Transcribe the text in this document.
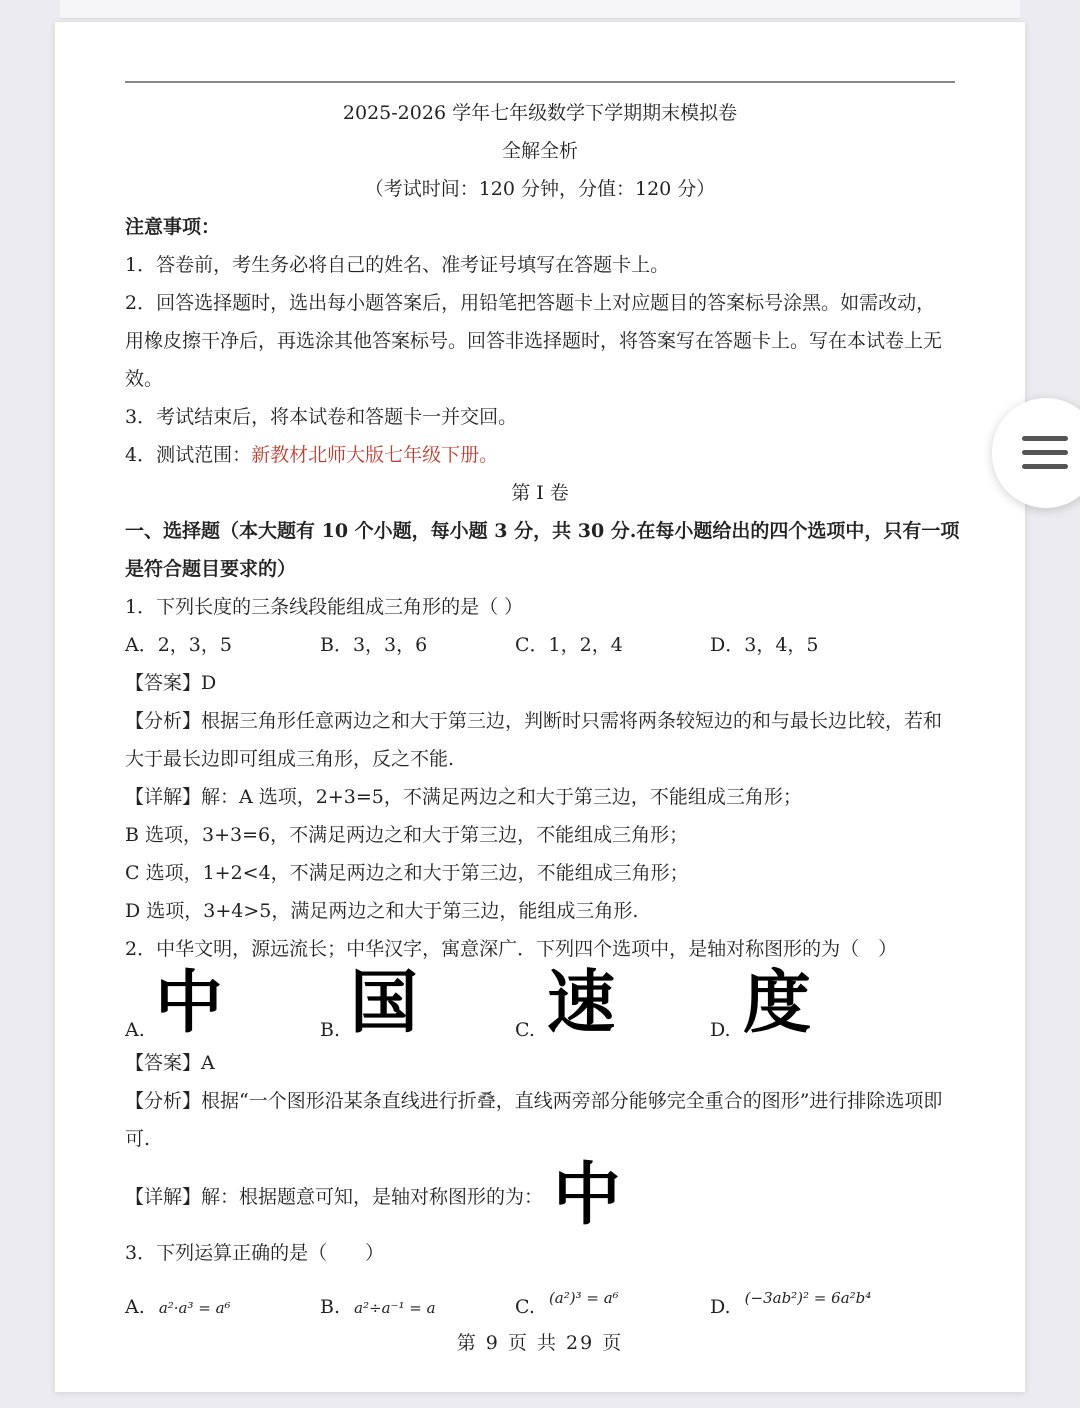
2025-2026 学年七年级数学下学期期末模拟卷
全解全析
（考试时间：120 分钟，分值：120 分）
注意事项：
1．答卷前，考生务必将自己的姓名、准考证号填写在答题卡上。
2．回答选择题时，选出每小题答案后，用铅笔把答题卡上对应题目的答案标号涂黑。如需改动，
用橡皮擦干净后，再选涂其他答案标号。回答非选择题时，将答案写在答题卡上。写在本试卷上无
效。
3．考试结束后，将本试卷和答题卡一并交回。
4．测试范围：新教材北师大版七年级下册。
第 I 卷
一、选择题（本大题有 10 个小题，每小题 3 分，共 30 分.在每小题给出的四个选项中，只有一项
是符合题目要求的）
1．下列长度的三条线段能组成三角形的是（ ）
A．2，3，5	B．3，3，6	C．1，2，4	D．3，4，5
【答案】D
【分析】根据三角形任意两边之和大于第三边，判断时只需将两条较短边的和与最长边比较，若和
大于最长边即可组成三角形，反之不能.
【详解】解：A 选项，2+3=5，不满足两边之和大于第三边，不能组成三角形；
B 选项，3+3=6，不满足两边之和大于第三边，不能组成三角形；
C 选项，1+2<4，不满足两边之和大于第三边，不能组成三角形；
D 选项，3+4>5，满足两边之和大于第三边，能组成三角形.
2．中华文明，源远流长；中华汉字，寓意深广．下列四个选项中，是轴对称图形的为（　）
A. 中	B. 国	C. 速	D. 度
【答案】A
【分析】根据“一个图形沿某条直线进行折叠，直线两旁部分能够完全重合的图形”进行排除选项即
可.
【详解】解：根据题意可知，是轴对称图形的为： 中
3．下列运算正确的是（　　）
A. a²·a³ = a⁶	B. a²÷a⁻¹ = a	C. $^{(a^2)^3 = a^6}$	D. $^{(-3ab^2)^2 = 6a^2b^4}$
第 9 页 共 29 页
